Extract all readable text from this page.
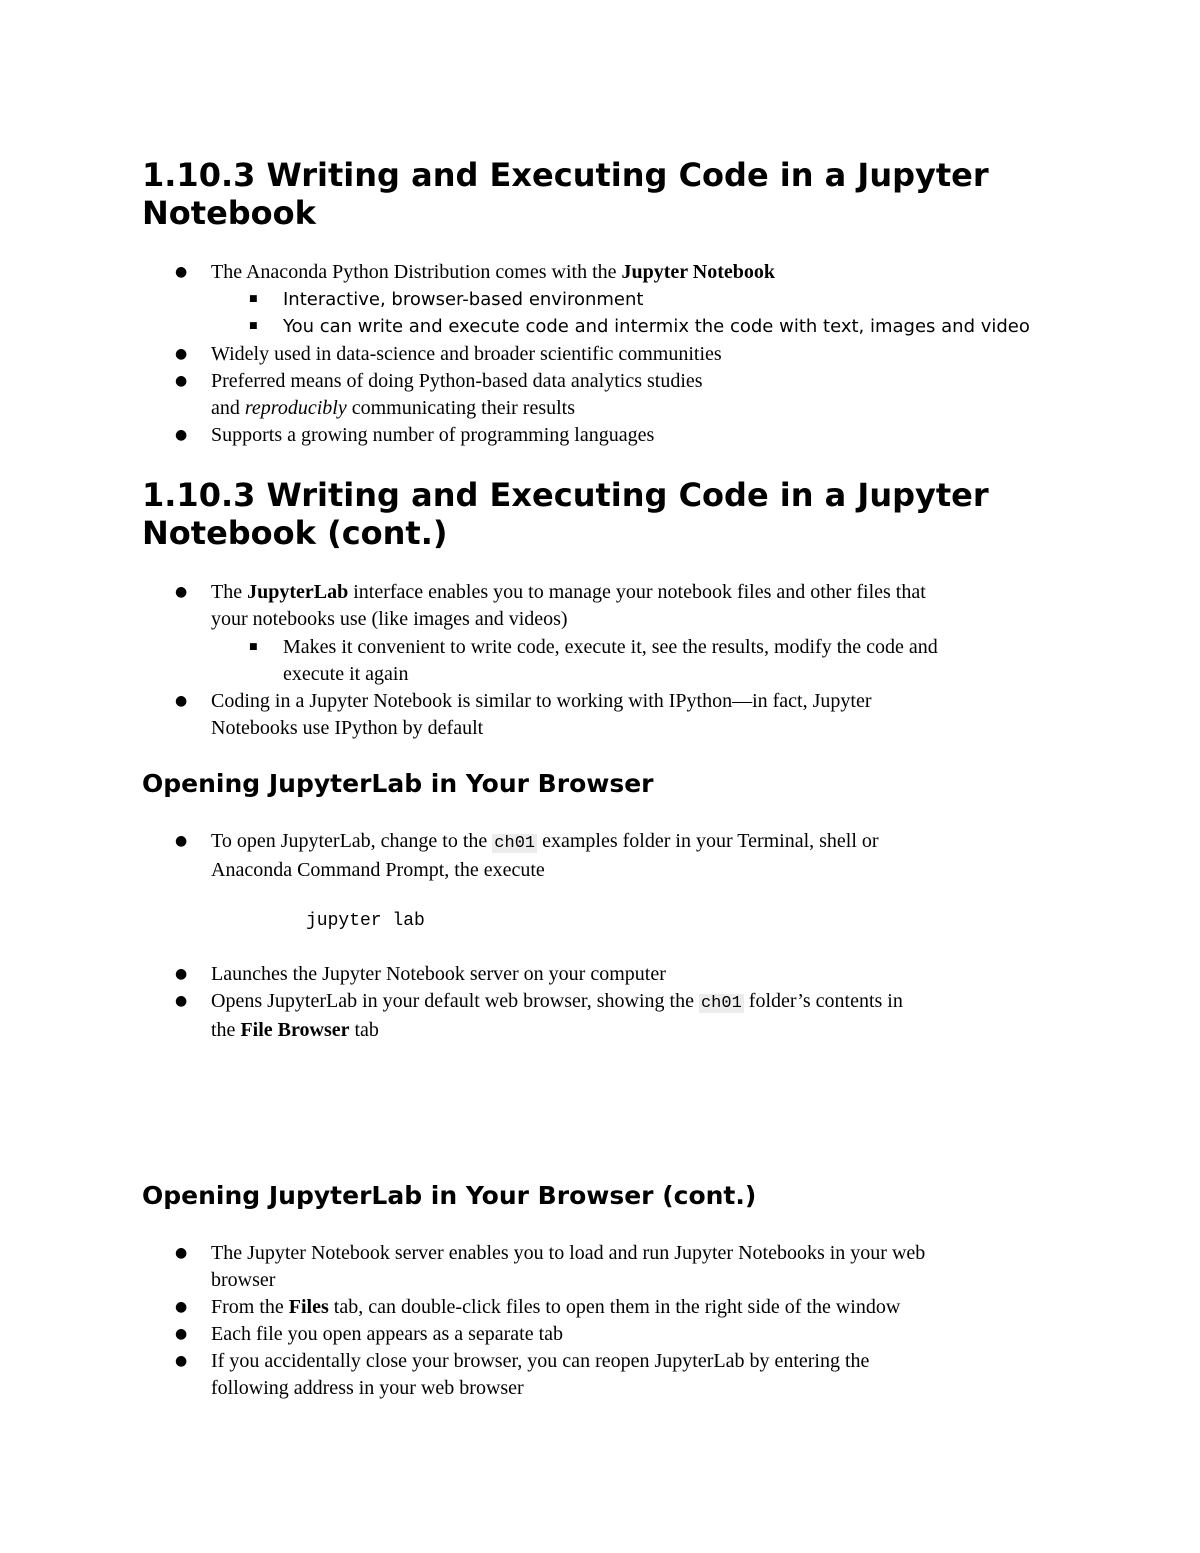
1.10.3 Writing and Executing Code in a Jupyter
Notebook
● The Anaconda Python Distribution comes with the Jupyter Notebook

■ Interactive, browser-based environment

■ You can write and execute code and intermix the code with text, images and video

● Widely used in data-science and broader scientific communities

● Preferred means of doing Python-based data analytics studies
and reproducibly communicating their results

● Supports a growing number of programming languages

1.10.3 Writing and Executing Code in a Jupyter
Notebook (cont.)
● The JupyterLab interface enables you to manage your notebook files and other files that
your notebooks use (like images and videos)

■ Makes it convenient to write code, execute it, see the results, modify the code and
execute it again

● Coding in a Jupyter Notebook is similar to working with IPython—in fact, Jupyter
Notebooks use IPython by default

Opening JupyterLab in Your Browser
● To open JupyterLab, change to the ch01 examples folder in your Terminal, shell or
Anaconda Command Prompt, the execute

jupyter lab
● Launches the Jupyter Notebook server on your computer

● Opens JupyterLab in your default web browser, showing the ch01 folder’s contents in
the File Browser tab

Opening JupyterLab in Your Browser (cont.)
● The Jupyter Notebook server enables you to load and run Jupyter Notebooks in your web
browser

● From the Files tab, can double-click files to open them in the right side of the window

● Each file you open appears as a separate tab

● If you accidentally close your browser, you can reopen JupyterLab by entering the
following address in your web browser
